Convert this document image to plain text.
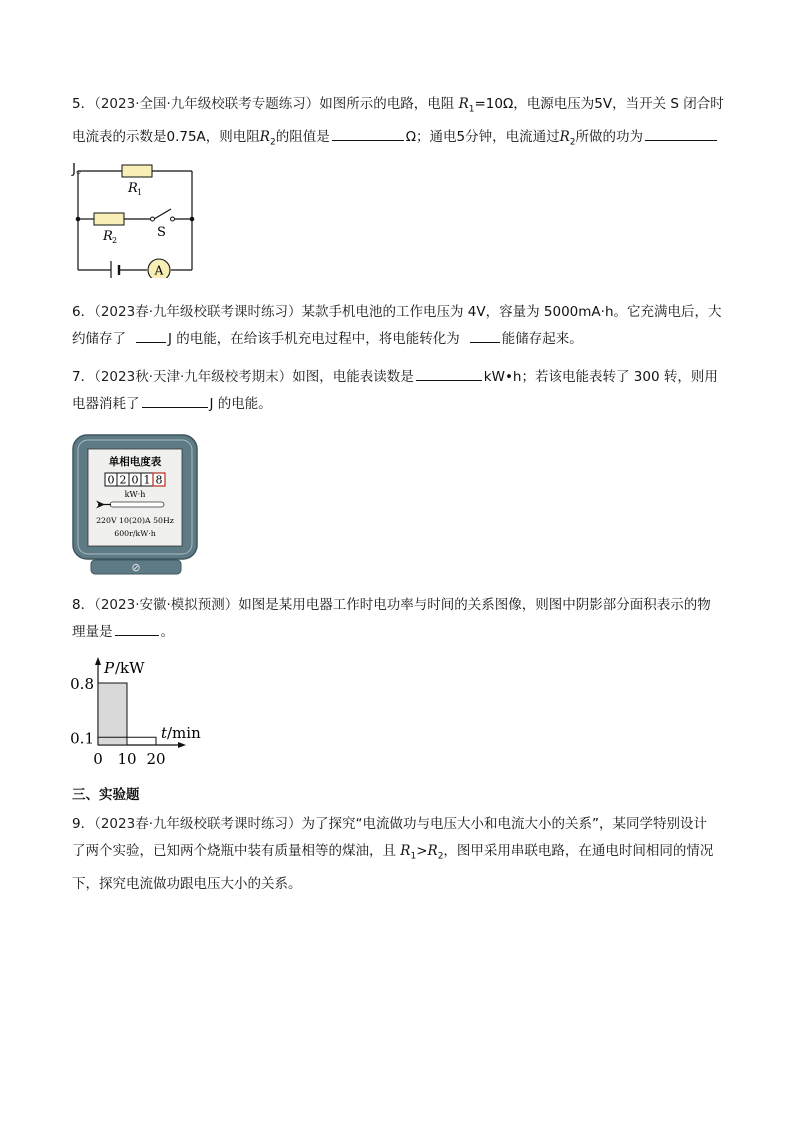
5．（2023·全国·九年级校联考专题练习）如图所示的电路，电阻 $R_1=10\Omega$，电源电压为5V，当开关 S 闭合时
电流表的示数是0.75A，则电阻$R_2$的阻值是	Ω；通电5分钟，电流通过$R_2$所做的功为J。
A
R 1
R 2
S
6．（2023春·九年级校联考课时练习）某款手机电池的工作电压为 4V，容量为 5000mA·h。它充满电后，大
约储存了	J 的电能，在给该手机充电过程中，将电能转化为	能储存起来。
7．（2023秋·天津·九年级校考期末）如图，电能表读数是	kW•h；若该电能表转了 300 转，则用
电器消耗了	J 的电能。
单相电度表
0 2 0 1 8
kW·h
220V 10(20)A 50Hz
600r/kW·h
⊘
8．（2023·安徽·模拟预测）如图是某用电器工作时电功率与时间的关系图像，则图中阴影部分面积表示的物
理量是	。
0 10 20
0.1
0.8
P /kW
t /min
三、实验题
9．（2023春·九年级校联考课时练习）为了探究“电流做功与电压大小和电流大小的关系”，某同学特别设计
了两个实验，已知两个烧瓶中装有质量相等的煤油，且 $R_1>R_2$，图甲采用串联电路，在通电时间相同的情况
下，探究电流做功跟电压大小的关系。
